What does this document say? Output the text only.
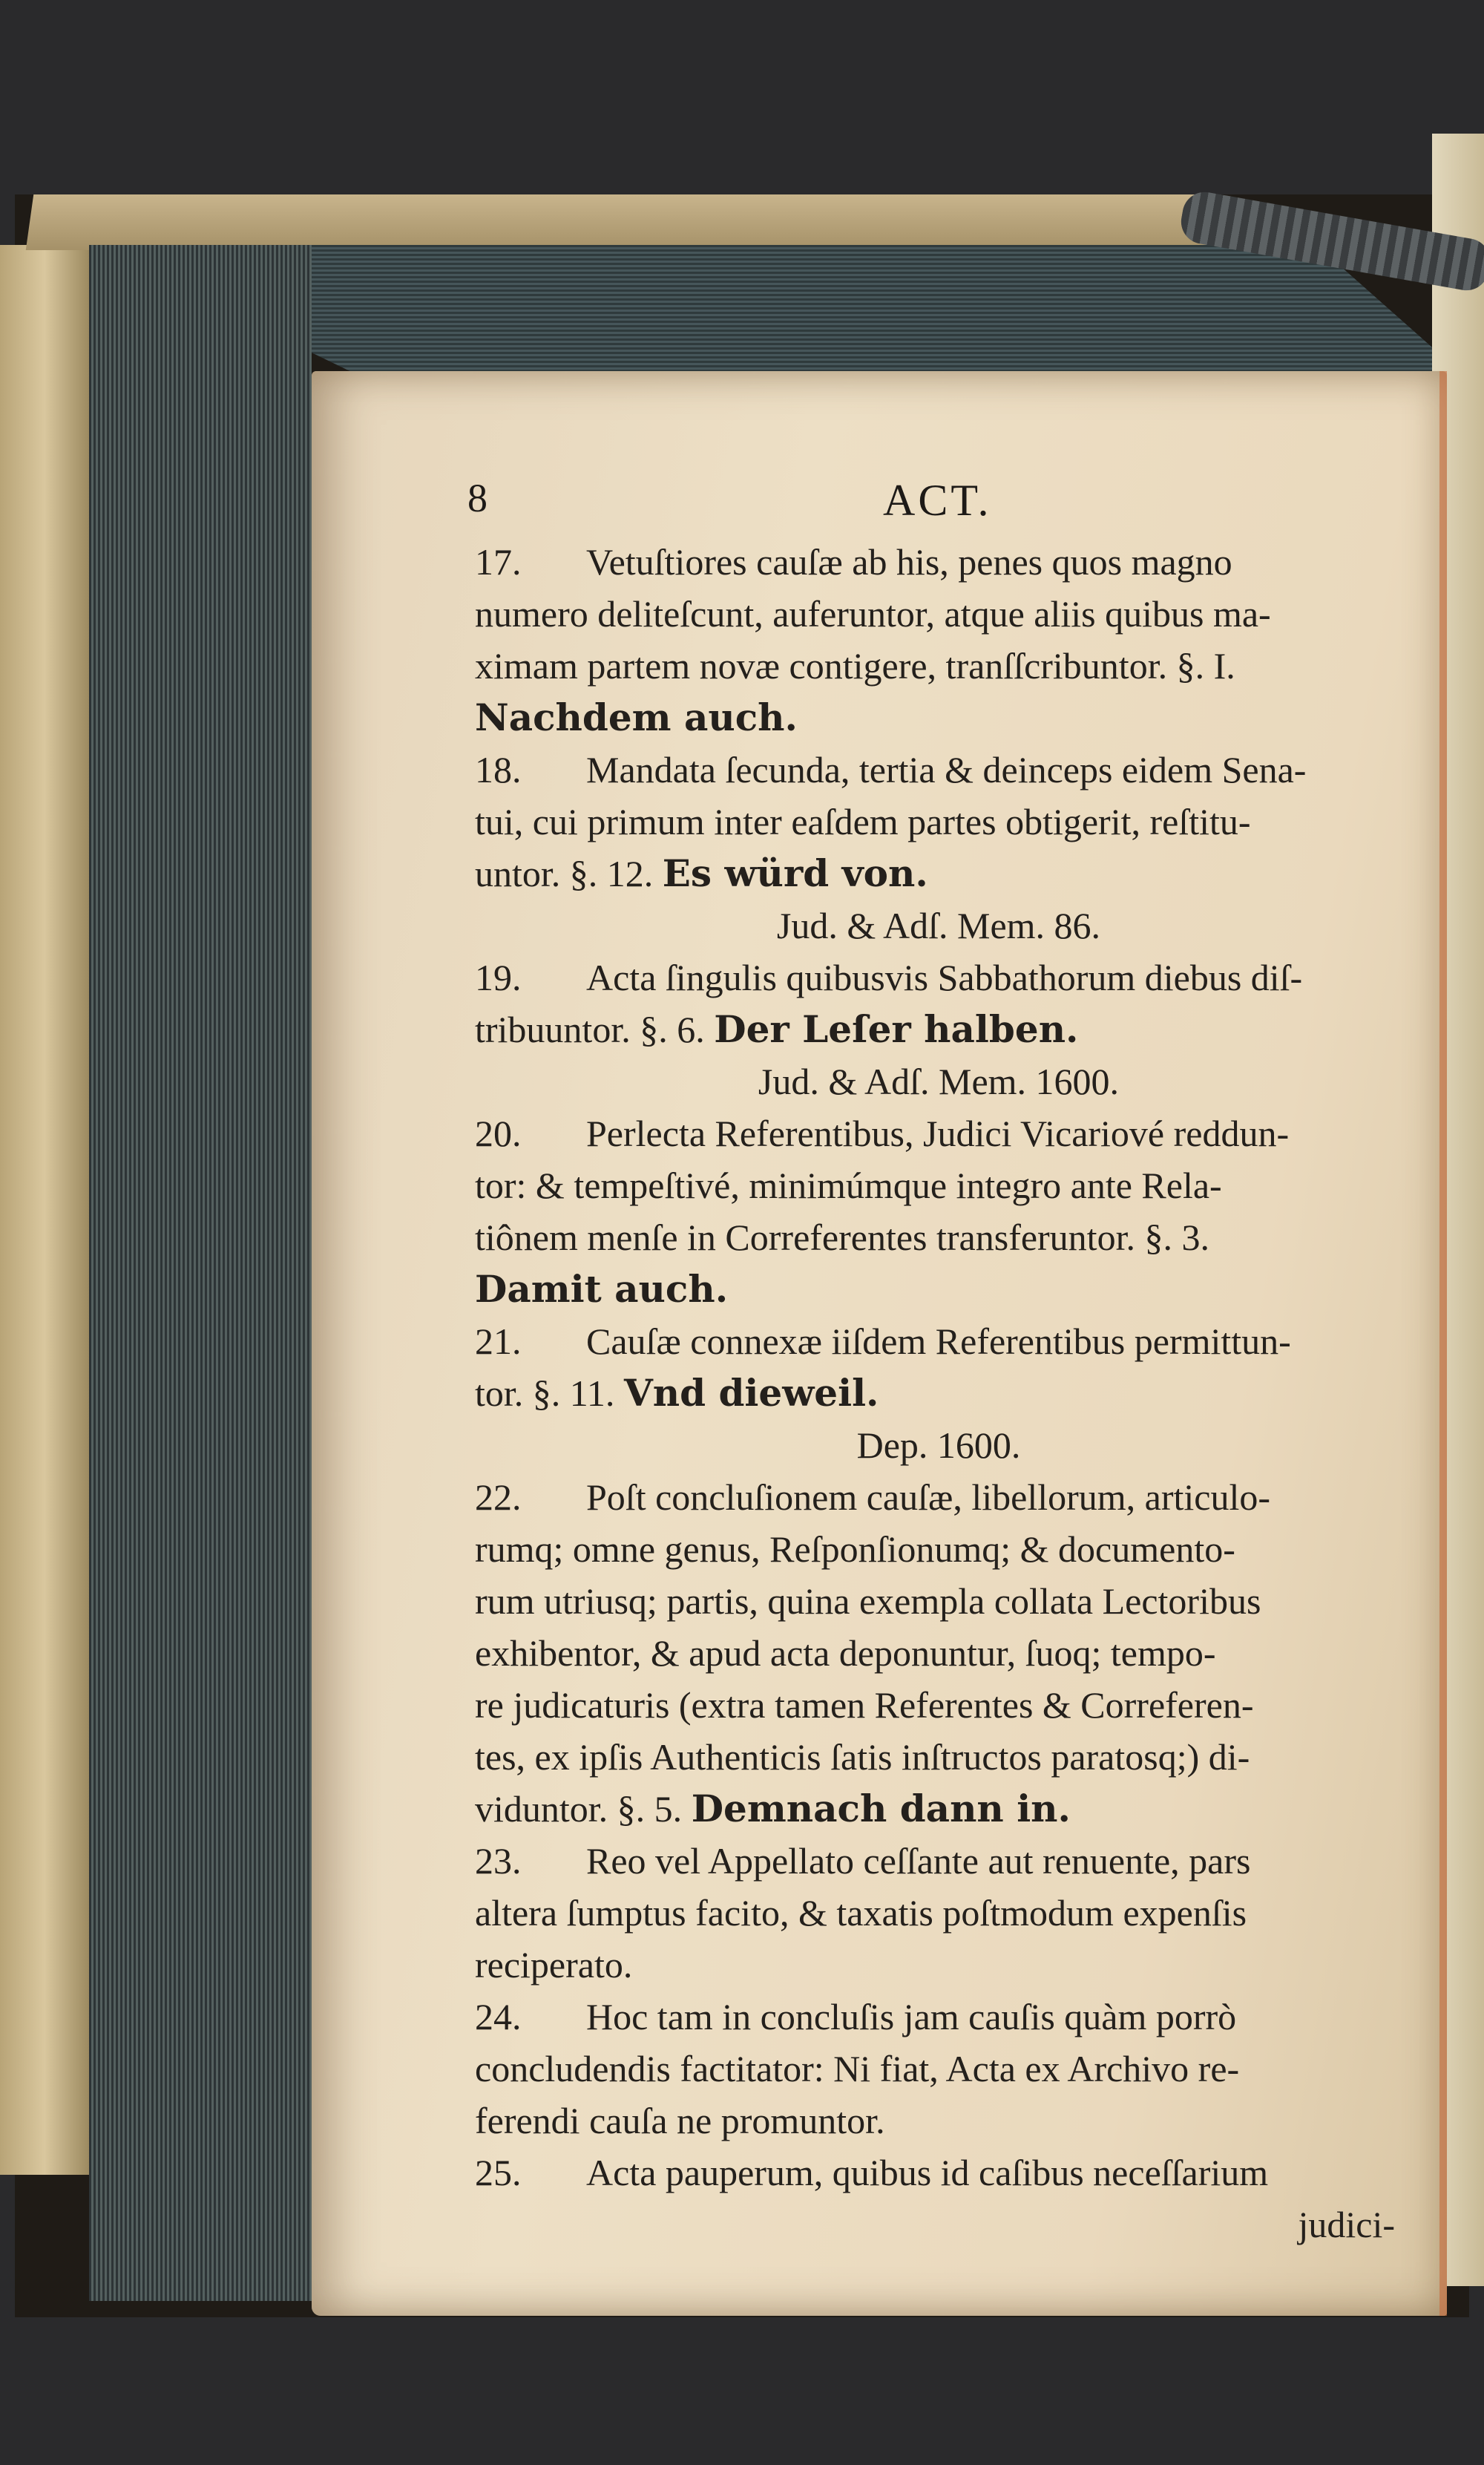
8	ACT.
17. Vetuſtiores cauſæ ab his, penes quos magno
numero deliteſcunt, auferuntor, atque aliis quibus ma-
ximam partem novæ contigere, tranſſcribuntor. §. I.
Nachdem auch.
18. Mandata ſecunda, tertia & deinceps eidem Sena-
tui, cui primum inter eaſdem partes obtigerit, reſtitu-
untor. §. 12. Es würd von.
Jud. & Adſ. Mem. 86.
19. Acta ſingulis quibusvis Sabbathorum diebus diſ-
tribuuntor. §. 6. Der Leſer halben.
Jud. & Adſ. Mem. 1600.
20. Perlecta Referentibus, Judici Vicariové reddun-
tor: & tempeſtivé, minimúmque integro ante Rela-
tiônem menſe in Correferentes transferuntor. §. 3.
Damit auch.
21. Cauſæ connexæ iiſdem Referentibus permittun-
tor. §. 11. Vnd dieweil.
Dep. 1600.
22. Poſt concluſionem cauſæ, libellorum, articulo-
rumq; omne genus, Reſponſionumq; & documento-
rum utriusq; partis, quina exempla collata Lectoribus
exhibentor, & apud acta deponuntur, ſuoq; tempo-
re judicaturis (extra tamen Referentes & Correferen-
tes, ex ipſis Authenticis ſatis inſtructos paratosq;) di-
viduntor. §. 5. Demnach dann in.
23. Reo vel Appellato ceſſante aut renuente, pars
altera ſumptus facito, & taxatis poſtmodum expenſis
reciperato.
24. Hoc tam in concluſis jam cauſis quàm porrò
concludendis factitator: Ni fiat, Acta ex Archivo re-
ferendi cauſa ne promuntor.
25. Acta pauperum, quibus id caſibus neceſſarium
judici-
